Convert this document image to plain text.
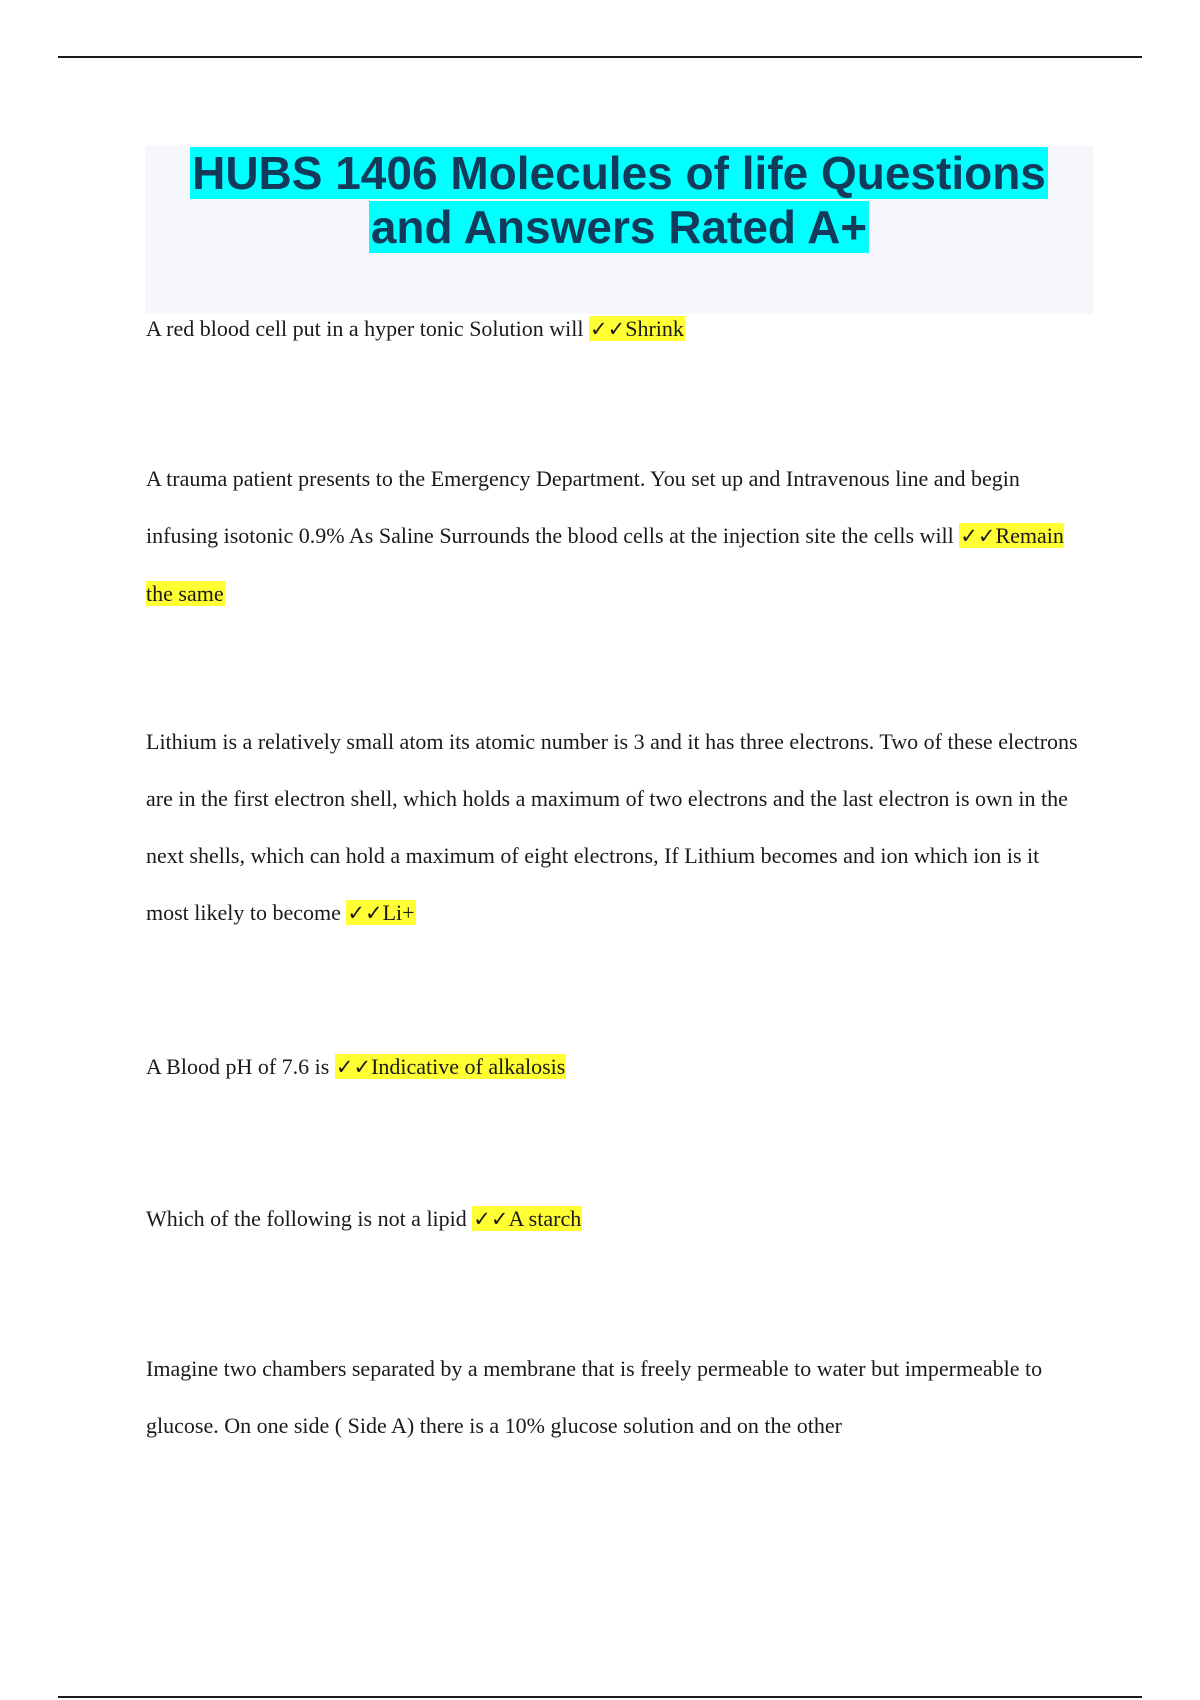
HUBS 1406 Molecules of life Questions
and Answers Rated A+
A red blood cell put in a hyper tonic Solution will ✓✓Shrink
A trauma patient presents to the Emergency Department. You set up and Intravenous line and begin infusing isotonic 0.9% As Saline Surrounds the blood cells at the injection site the cells will ✓✓Remain the same
Lithium is a relatively small atom its atomic number is 3 and it has three electrons. Two of these electrons are in the first electron shell, which holds a maximum of two electrons and the last electron is own in the next shells, which can hold a maximum of eight electrons, If Lithium becomes and ion which ion is it most likely to become ✓✓Li+
A Blood pH of 7.6 is ✓✓Indicative of alkalosis
Which of the following is not a lipid ✓✓A starch
Imagine two chambers separated by a membrane that is freely permeable to water but impermeable to glucose. On one side ( Side A) there is a 10% glucose solution and on the other
